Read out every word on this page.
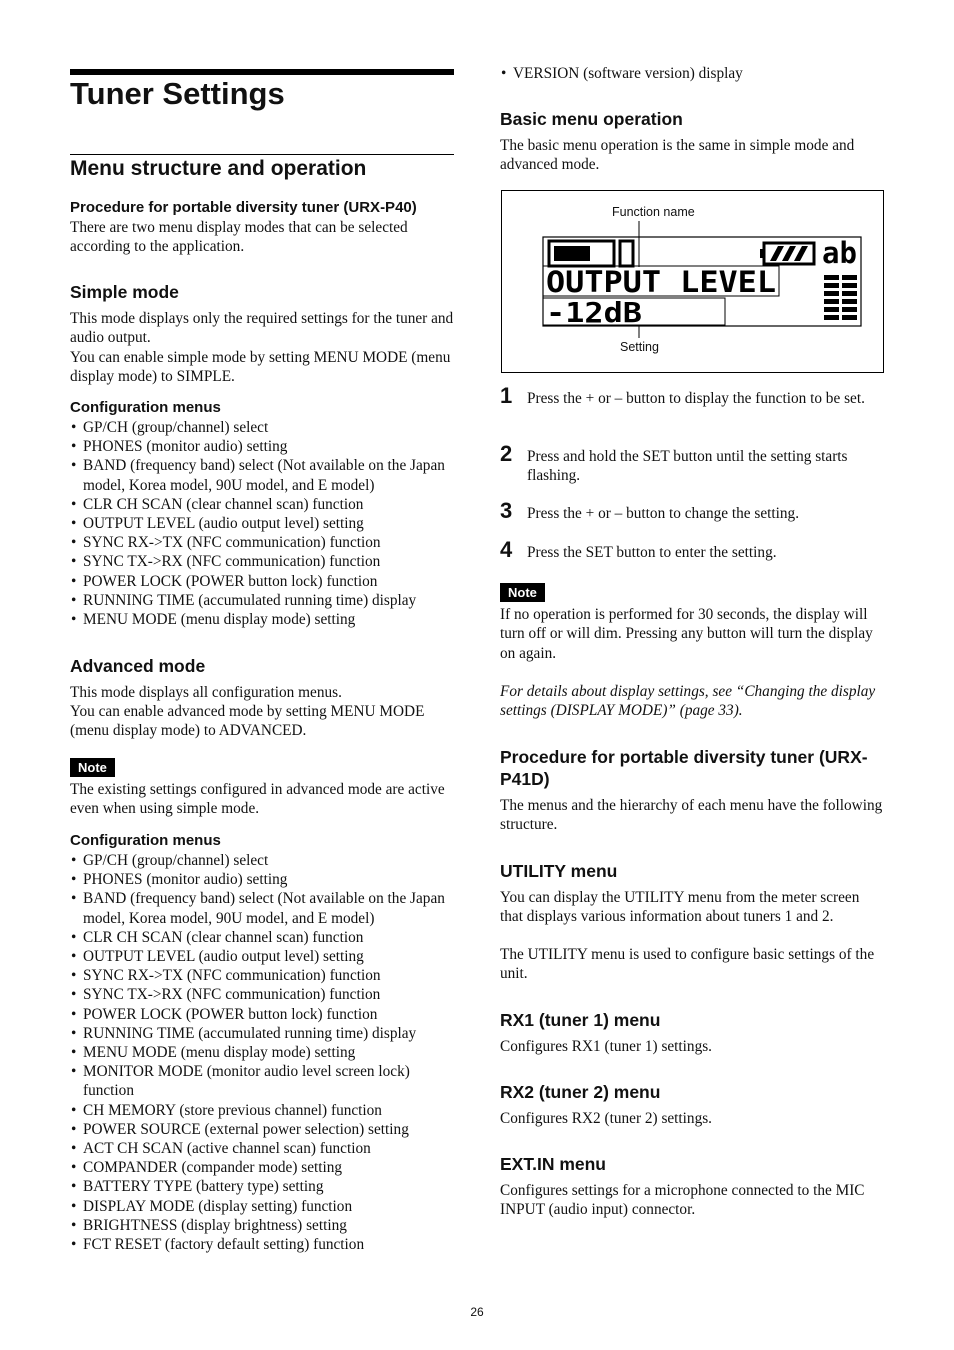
Tuner Settings
Menu structure and operation
Procedure for portable diversity tuner (URX-P40)

There are two menu display modes that can be selected according to the application.

Simple mode

This mode displays only the required settings for the tuner and audio output.

You can enable simple mode by setting MENU MODE (menu display mode) to SIMPLE.

Configuration menus
• GP/CH (group/channel) select
• PHONES (monitor audio) setting
• BAND (frequency band) select (Not available on the Japan model, Korea model, 90U model, and E model)
• CLR CH SCAN (clear channel scan) function
• OUTPUT LEVEL (audio output level) setting
• SYNC RX->TX (NFC communication) function
• SYNC TX->RX (NFC communication) function
• POWER LOCK (POWER button lock) function
• RUNNING TIME (accumulated running time) display
• MENU MODE (menu display mode) setting
Advanced mode

This mode displays all configuration menus.

You can enable advanced mode by setting MENU MODE (menu display mode) to ADVANCED.

Note

The existing settings configured in advanced mode are active even when using simple mode.

Configuration menus
• GP/CH (group/channel) select
• PHONES (monitor audio) setting
• BAND (frequency band) select (Not available on the Japan model, Korea model, 90U model, and E model)
• CLR CH SCAN (clear channel scan) function
• OUTPUT LEVEL (audio output level) setting
• SYNC RX->TX (NFC communication) function
• SYNC TX->RX (NFC communication) function
• POWER LOCK (POWER button lock) function
• RUNNING TIME (accumulated running time) display
• MENU MODE (menu display mode) setting
• MONITOR MODE (monitor audio level screen lock) function
• CH MEMORY (store previous channel) function
• POWER SOURCE (external power selection) setting
• ACT CH SCAN (active channel scan) function
• COMPANDER (compander mode) setting
• BATTERY TYPE (battery type) setting
• DISPLAY MODE (display setting) function
• BRIGHTNESS (display brightness) setting
• FCT RESET (factory default setting) function
• VERSION (software version) display
Basic menu operation

The basic menu operation is the same in simple mode and advanced mode.

Function name
Setting
ab
OUTPUT LEVEL
-12dB
1 Press the + or – button to display the function to be set.
2 Press and hold the SET button until the setting starts flashing.
3 Press the + or – button to change the setting.
4 Press the SET button to enter the setting.
Note

If no operation is performed for 30 seconds, the display will turn off or will dim. Pressing any button will turn the display on again.

For details about display settings, see “Changing the display settings (DISPLAY MODE)” (page 33).

Procedure for portable diversity tuner (URX-P41D)

The menus and the hierarchy of each menu have the following structure.

UTILITY menu

You can display the UTILITY menu from the meter screen that displays various information about tuners 1 and 2.

The UTILITY menu is used to configure basic settings of the unit.

RX1 (tuner 1) menu

Configures RX1 (tuner 1) settings.

RX2 (tuner 2) menu

Configures RX2 (tuner 2) settings.

EXT.IN menu

Configures settings for a microphone connected to the MIC INPUT (audio input) connector.

26
